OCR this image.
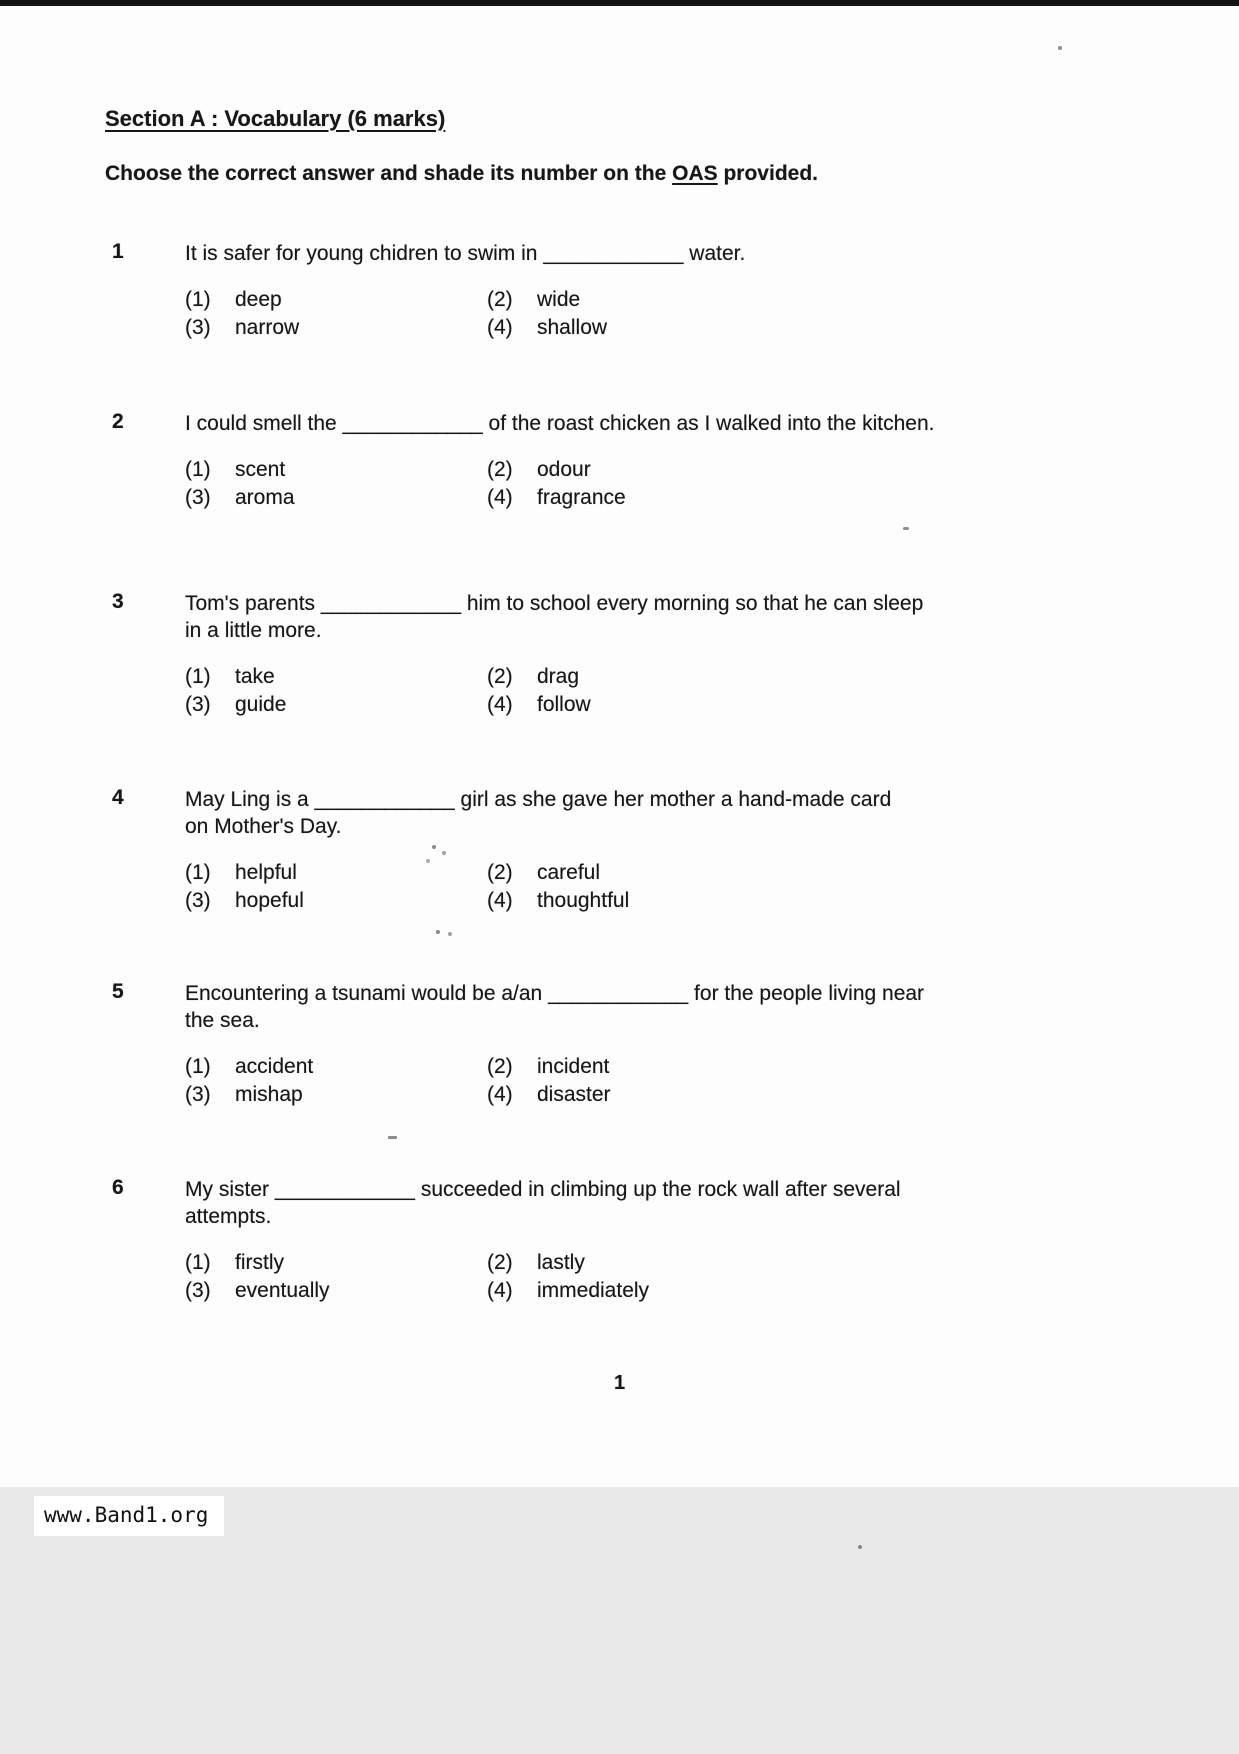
Section A : Vocabulary (6 marks)
Choose the correct answer and shade its number on the OAS provided.
1	It is safer for young chidren to swim in ____________ water.
(1) deep	(2) wide
(3) narrow	(4) shallow
2	I could smell the ____________ of the roast chicken as I walked into the kitchen.
(1) scent	(2) odour
(3) aroma	(4) fragrance
3	Tom's parents ____________ him to school every morning so that he can sleep
in a little more.
(1) take	(2) drag
(3) guide	(4) follow
4	May Ling is a ____________ girl as she gave her mother a hand-made card
on Mother's Day.
(1) helpful	(2) careful
(3) hopeful	(4) thoughtful
5	Encountering a tsunami would be a/an ____________ for the people living near
the sea.
(1) accident	(2) incident
(3) mishap	(4) disaster
6	My sister ____________ succeeded in climbing up the rock wall after several
attempts.
(1) firstly	(2) lastly
(3) eventually	(4) immediately
1
www.Band1.org
